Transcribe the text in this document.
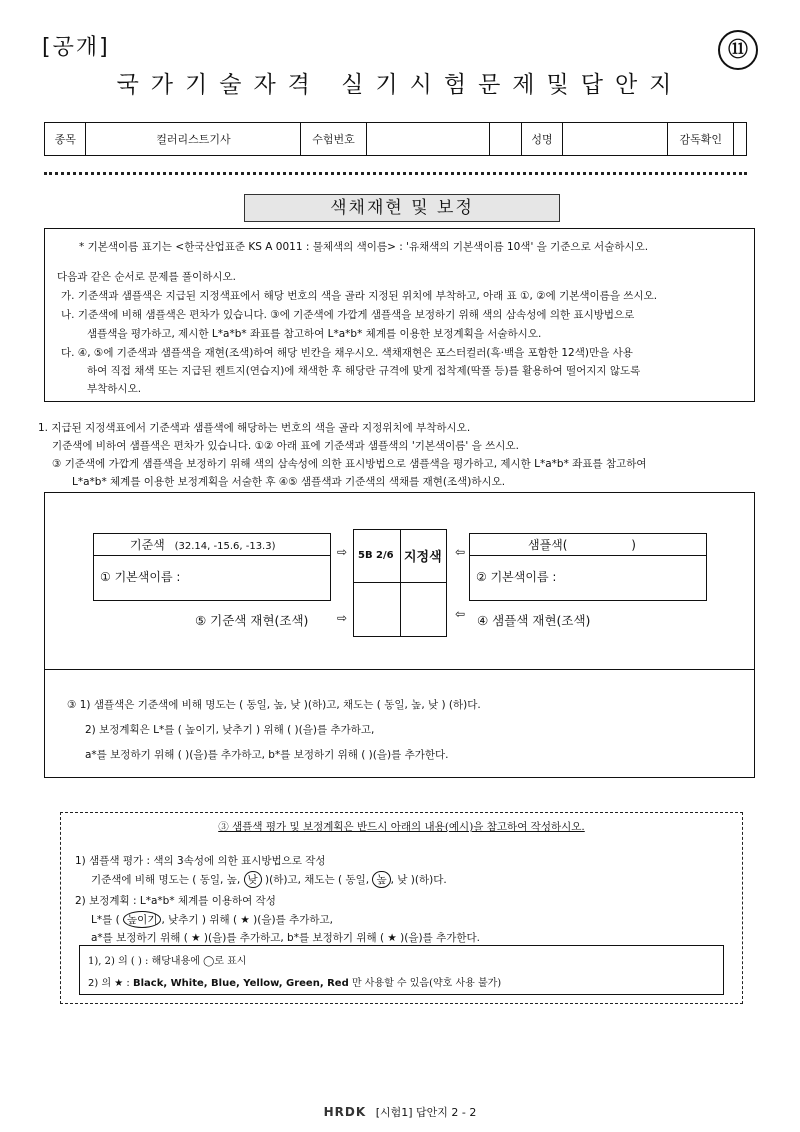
[공개]	⑪
국가기술자격 실기시험문제및답안지
종목	컬러리스트기사	수험번호			성명		감독확인	
색채재현 및 보정

* 기본색이름 표기는 <한국산업표준 KS A 0011 : 물체색의 색이름> : '유채색의 기본색이름 10색' 을 기준으로 서술하시오.

다음과 같은 순서로 문제를 풀이하시오.

가. 기준색과 샘플색은 지급된 지정색표에서 해당 번호의 색을 골라 지정된 위치에 부착하고, 아래 표 ①, ②에 기본색이름을 쓰시오.

나. 기준색에 비해 샘플색은 편차가 있습니다. ③에 기준색에 가깝게 샘플색을 보정하기 위해 색의 삼속성에 의한 표시방법으로

샘플색을 평가하고, 제시한 L*a*b* 좌표를 참고하여 L*a*b* 체계를 이용한 보정계획을 서술하시오.

다. ④, ⑤에 기준색과 샘플색을 재현(조색)하여 해당 빈칸을 채우시오. 색채재현은 포스터컬러(흑·백을 포함한 12색)만을 사용

하여 직접 채색 또는 지급된 켄트지(연습지)에 채색한 후 해당란 규격에 맞게 접착제(딱풀 등)를 활용하여 떨어지지 않도록

부착하시오.

1. 지급된 지정색표에서 기준색과 샘플색에 해당하는 번호의 색을 골라 지정위치에 부착하시오.
기준색에 비하여 샘플색은 편차가 있습니다. ①② 아래 표에 기준색과 샘플색의 '기본색이름' 을 쓰시오.
③ 기준색에 가깝게 샘플색을 보정하기 위해 색의 삼속성에 의한 표시방법으로 샘플색을 평가하고, 제시한 L*a*b* 좌표를 참고하여
L*a*b* 체계를 이용한 보정계획을 서술한 후 ④⑤ 샘플색과 기준색의 색채를 재현(조색)하시오.
기준색 (32.14, -15.6, -13.3)
① 기본색이름 :
⇨ 5B 2/6 지정색 ⇦	샘플색(	)
② 기본색이름 :
⑤ 기준색 재현(조색) ⇨	⇦ ④ 샘플색 재현(조색)
③ 1) 샘플색은 기준색에 비해 명도는 ( 동일, 높, 낮 )(하)고, 채도는 ( 동일, 높, 낮 ) (하)다.
2) 보정계획은 L*를 ( 높이기, 낮추기 ) 위해 ( )(을)를 추가하고,
a*를 보정하기 위해 ( )(을)를 추가하고, b*를 보정하기 위해 ( )(을)를 추가한다.
③ 샘플색 평가 및 보정계획은 반드시 아래의 내용(예시)을 참고하여 작성하시오.
1) 샘플색 평가 : 색의 3속성에 의한 표시방법으로 작성
기준색에 비해 명도는 ( 동일, 높, 낮 )(하)고, 채도는 ( 동일, 높 , 낮 )(하)다.
2) 보정계획 : L*a*b* 체계를 이용하여 작성
L*를 ( 높이기 , 낮추기 ) 위해 ( ★ )(을)를 추가하고,
a*를 보정하기 위해 ( ★ )(을)를 추가하고, b*를 보정하기 위해 ( ★ )(을)를 추가한다.
1), 2) 의 ( ) : 해당내용에 ◯로 표시
2) 의 ★ : Black, White, Blue, Yellow, Green, Red 만 사용할 수 있음(약호 사용 불가)
HRDK [시험1] 답안지 2 - 2
